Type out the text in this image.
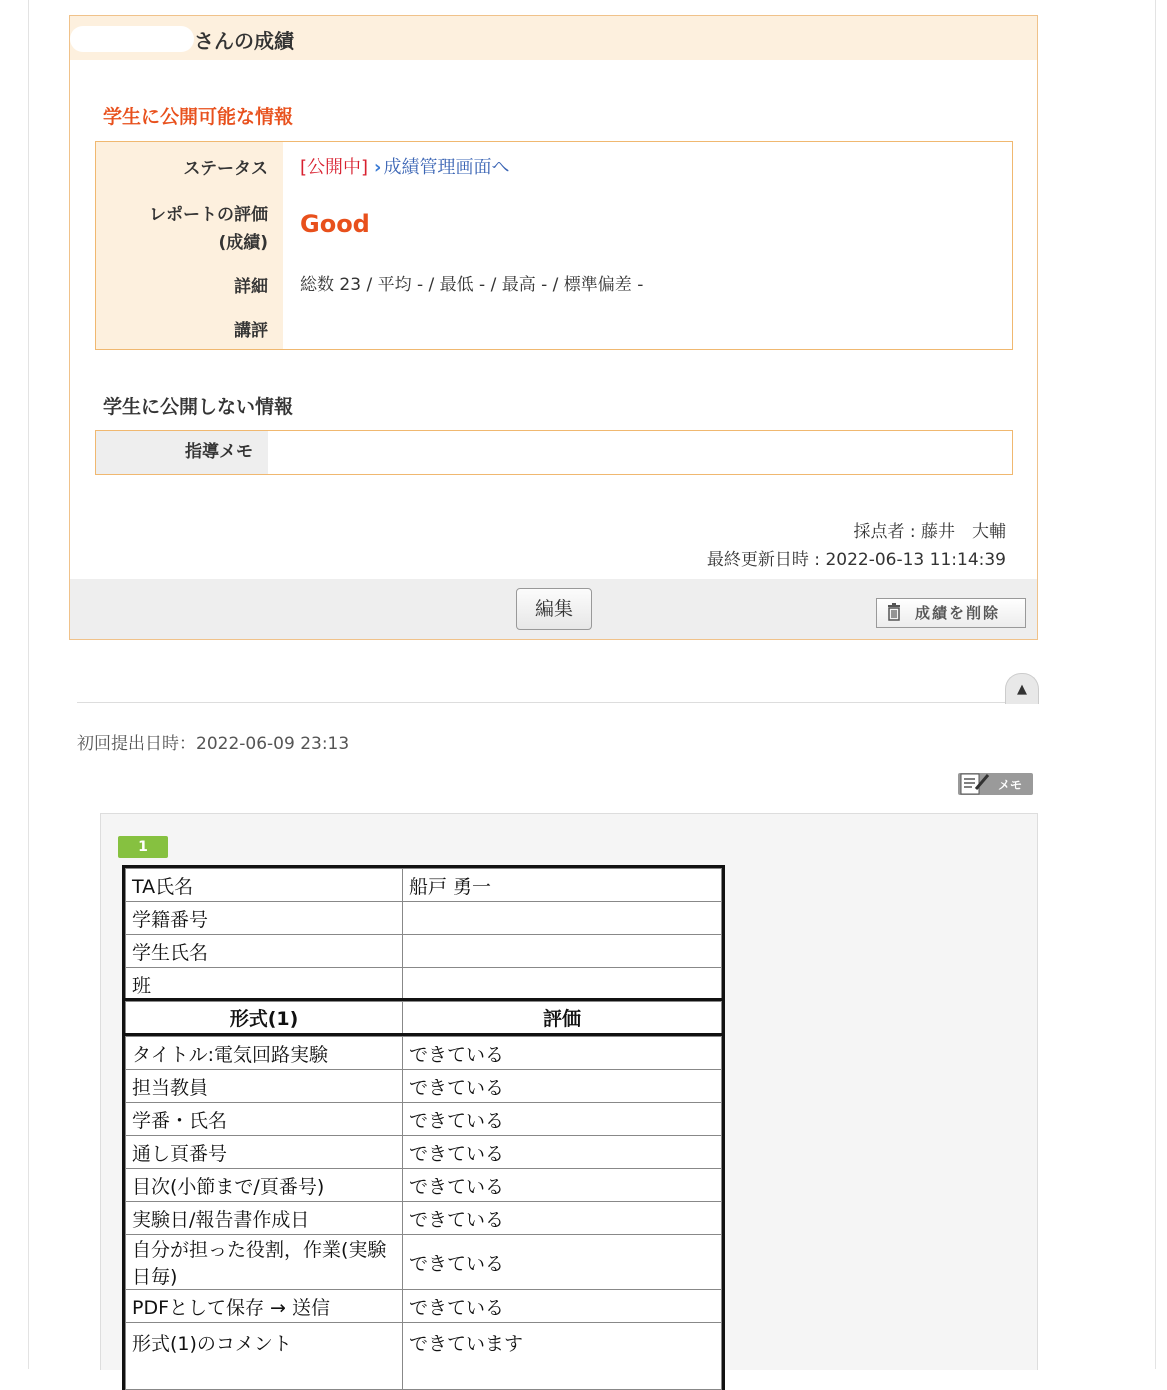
さんの成績
学生に公開可能な情報
ステータス [公開中] › 成績管理画面へ
レポートの評価
(成績)
Good
詳細 総数 23 / 平均 - / 最低 - / 最高 - / 標準偏差 -
講評
学生に公開しない情報
指導メモ
採点者 : 藤井　大輔
最終更新日時 : 2022-06-13 11:14:39
編集	成績を削除
▲
初回提出日時：2022-06-09 23:13
メモ
1
TA氏名	船戸 勇一
学籍番号	
学生氏名	
班	
形式(1)	評価
タイトル:電気回路実験	できている
担当教員	できている
学番・氏名	できている
通し頁番号	できている
目次(小節まで/頁番号)	できている
実験日/報告書作成日	できている
自分が担った役割，作業(実験日毎)	できている
PDFとして保存 → 送信	できている
形式(1)のコメント	できています
